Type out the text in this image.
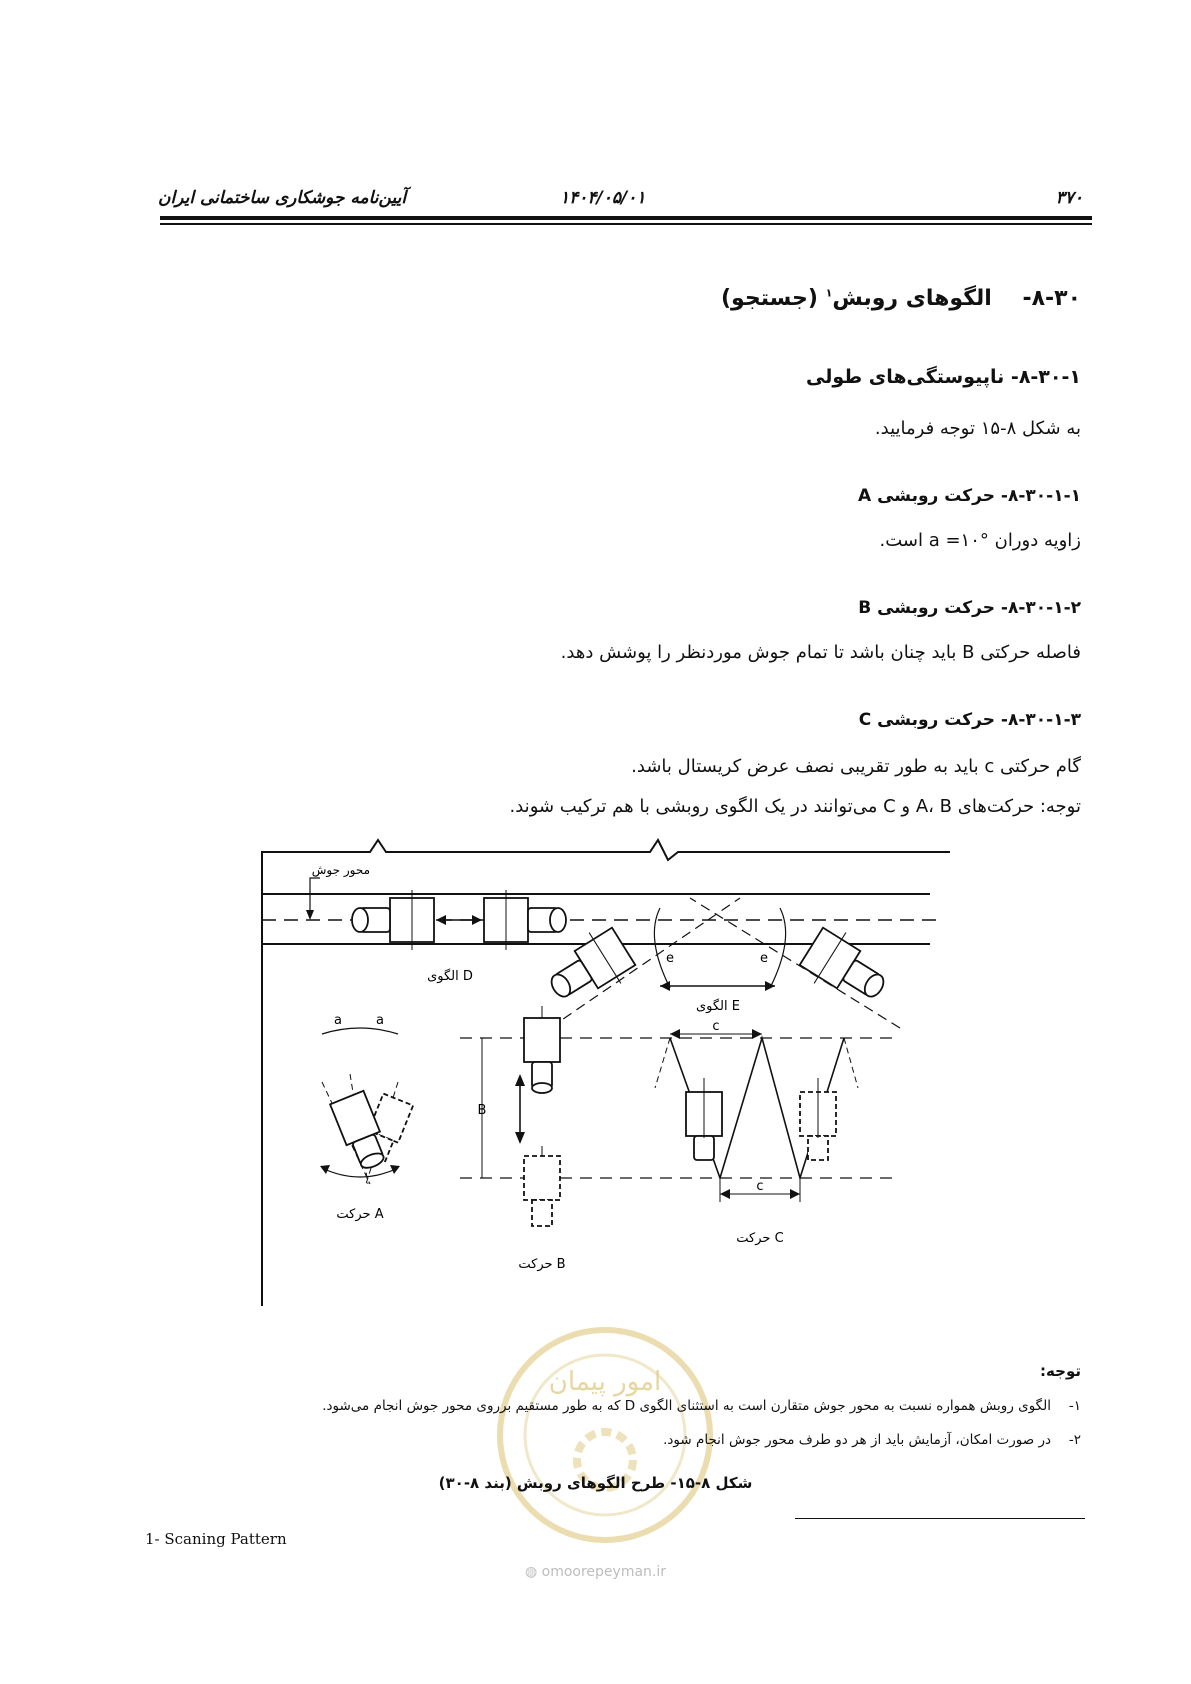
آیین‌نامه جوشکاری ساختمانی ایران	۱۴۰۴/۰۵/۰۱	۳۷۰
۸-۳۰-    الگوهای روبش$^۱$ (جستجو)
۸-۳۰-۱- ناپیوستگی‌های طولی
به شکل ۸-۱۵ توجه فرمایید.
۸-۳۰-۱-۱- حرکت روبشی A
زاویه دوران a =۱۰° است.
۸-۳۰-۱-۲- حرکت روبشی B
فاصله حرکتی B باید چنان باشد تا تمام جوش موردنظر را پوشش دهد.
۸-۳۰-۱-۳- حرکت روبشی C
گام حرکتی c باید به طور تقریبی نصف عرض کریستال باشد.
توجه: حرکت‌های A، B و C می‌توانند در یک الگوی روبشی با هم ترکیب شوند.
محور جوش
الگوی D
e	e
الگوی E
a	a
حرکت A
B
حرکت B
c
c
حرکت C
امور پیمان	توجه:
۱-الگوی روبش همواره نسبت به محور جوش متقارن است به استثنای الگوی D که به طور مستقیم برروی محور جوش انجام می‌شود.
۲-در صورت امکان، آزمایش باید از هر دو طرف محور جوش انجام شود.
شکل ۸-۱۵- طرح الگوهای روبش (بند ۸-۳۰)
1- Scaning Pattern
◍ omoorepeyman.ir
